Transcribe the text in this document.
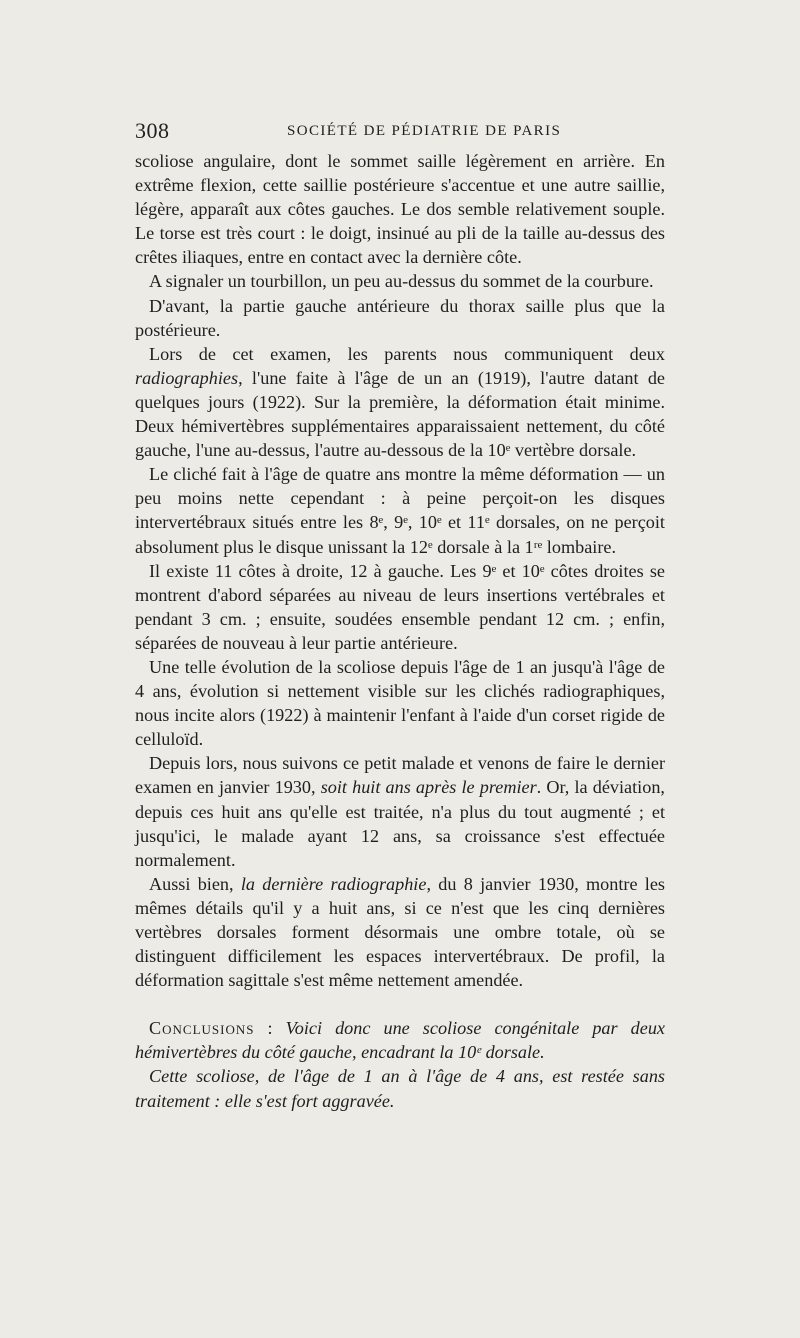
308	SOCIÉTÉ DE PÉDIATRIE DE PARIS

scoliose angulaire, dont le sommet saille légèrement en arrière. En extrême flexion, cette saillie postérieure s'accentue et une autre saillie, légère, apparaît aux côtes gauches. Le dos semble relativement souple. Le torse est très court : le doigt, insinué au pli de la taille au-dessus des crêtes iliaques, entre en contact avec la dernière côte.

A signaler un tourbillon, un peu au-dessus du sommet de la courbure.

D'avant, la partie gauche antérieure du thorax saille plus que la postérieure.

Lors de cet examen, les parents nous communiquent deux radiographies, l'une faite à l'âge de un an (1919), l'autre datant de quelques jours (1922). Sur la première, la déformation était minime. Deux hémivertèbres supplémentaires apparaissaient nettement, du côté gauche, l'une au-dessus, l'autre au-dessous de la 10ᵉ vertèbre dorsale.

Le cliché fait à l'âge de quatre ans montre la même déformation — un peu moins nette cependant : à peine perçoit-on les disques intervertébraux situés entre les 8ᵉ, 9ᵉ, 10ᵉ et 11ᵉ dorsales, on ne perçoit absolument plus le disque unissant la 12ᵉ dorsale à la 1ʳᵉ lombaire.

Il existe 11 côtes à droite, 12 à gauche. Les 9ᵉ et 10ᵉ côtes droites se montrent d'abord séparées au niveau de leurs insertions vertébrales et pendant 3 cm. ; ensuite, soudées ensemble pendant 12 cm. ; enfin, séparées de nouveau à leur partie antérieure.

Une telle évolution de la scoliose depuis l'âge de 1 an jusqu'à l'âge de 4 ans, évolution si nettement visible sur les clichés radiographiques, nous incite alors (1922) à maintenir l'enfant à l'aide d'un corset rigide de celluloïd.

Depuis lors, nous suivons ce petit malade et venons de faire le dernier examen en janvier 1930, soit huit ans après le premier. Or, la déviation, depuis ces huit ans qu'elle est traitée, n'a plus du tout augmenté ; et jusqu'ici, le malade ayant 12 ans, sa croissance s'est effectuée normalement.

Aussi bien, la dernière radiographie, du 8 janvier 1930, montre les mêmes détails qu'il y a huit ans, si ce n'est que les cinq dernières vertèbres dorsales forment désormais une ombre totale, où se distinguent difficilement les espaces intervertébraux. De profil, la déformation sagittale s'est même nettement amendée.

Conclusions : Voici donc une scoliose congénitale par deux hémivertèbres du côté gauche, encadrant la 10ᵉ dorsale.

Cette scoliose, de l'âge de 1 an à l'âge de 4 ans, est restée sans traitement : elle s'est fort aggravée.
